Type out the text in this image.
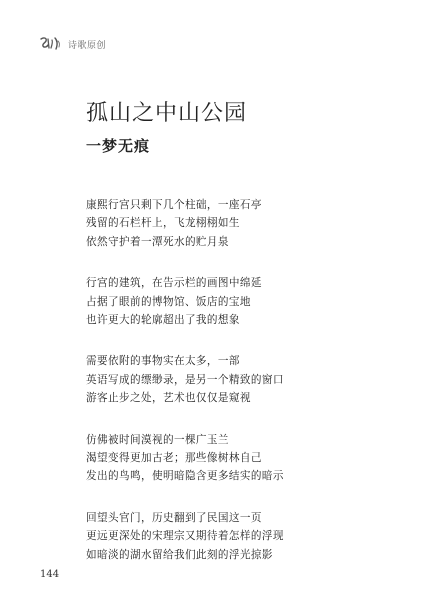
诗歌原创
孤山之中山公园
一梦无痕
康熙行宫只剩下几个柱础，一座石亭
残留的石栏杆上，飞龙栩栩如生
依然守护着一潭死水的贮月泉
行宫的建筑，在告示栏的画图中绵延
占据了眼前的博物馆、饭店的宝地
也许更大的轮廓超出了我的想象
需要依附的事物实在太多，一部
英语写成的缥缈录，是另一个精致的窗口
游客止步之处，艺术也仅仅是窥视
仿佛被时间漠视的一棵广玉兰
渴望变得更加古老；那些像树林自己
发出的鸟鸣，使明暗隐含更多结实的暗示
回望头官门，历史翻到了民国这一页
更远更深处的宋理宗又期待着怎样的浮现
如暗淡的湖水留给我们此刻的浮光掠影
144
